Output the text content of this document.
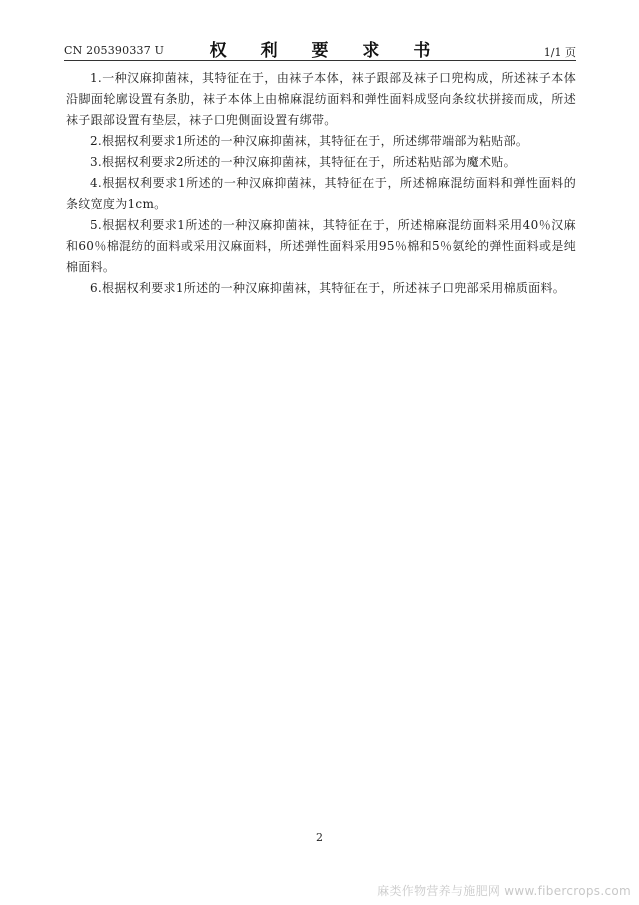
CN 205390337 U	权 利 要 求 书	1/1 页

1.一种汉麻抑菌袜，其特征在于，由袜子本体，袜子跟部及袜子口兜构成，所述袜子本体沿脚面轮廓设置有条肋，袜子本体上由棉麻混纺面料和弹性面料成竖向条纹状拼接而成，所述袜子跟部设置有垫层，袜子口兜侧面设置有绑带。

2.根据权利要求1所述的一种汉麻抑菌袜，其特征在于，所述绑带端部为粘贴部。

3.根据权利要求2所述的一种汉麻抑菌袜，其特征在于，所述粘贴部为魔术贴。

4.根据权利要求1所述的一种汉麻抑菌袜，其特征在于，所述棉麻混纺面料和弹性面料的条纹宽度为1cm。

5.根据权利要求1所述的一种汉麻抑菌袜，其特征在于，所述棉麻混纺面料采用40％汉麻和60％棉混纺的面料或采用汉麻面料，所述弹性面料采用95％棉和5％氨纶的弹性面料或是纯棉面料。

6.根据权利要求1所述的一种汉麻抑菌袜，其特征在于，所述袜子口兜部采用棉质面料。

2
麻类作物营养与施肥网 www.fibercrops.com
